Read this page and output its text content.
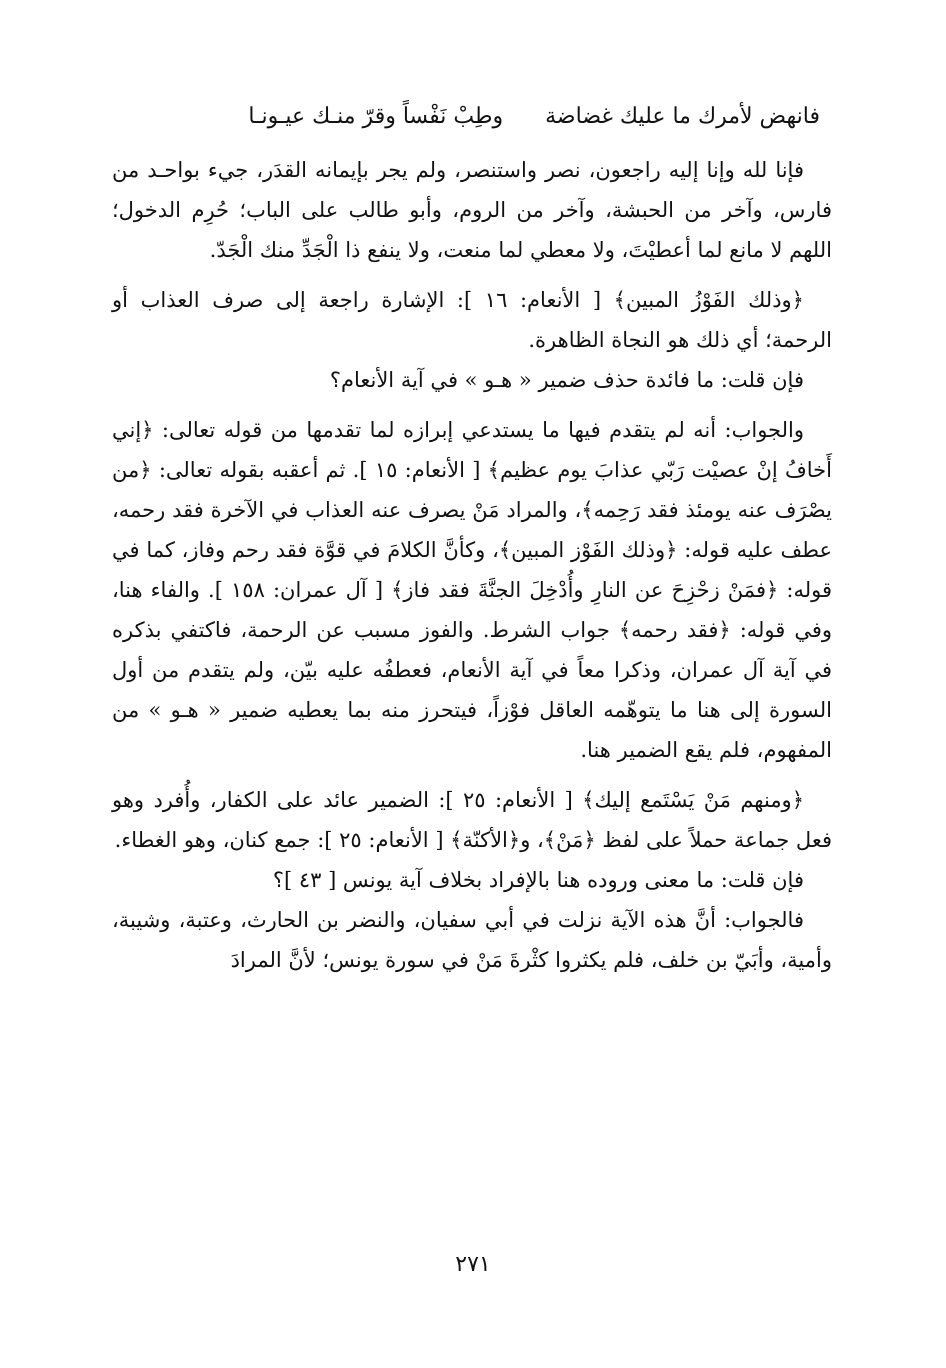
فانهض لأمرك ما عليك غضاضة
وطِبْ نَفْساً وقرّ منـك عيـونـا

فإنا لله وإنا إليه راجعون، نصر واستنصر، ولم يجر بإيمانه القدَر، جيء بواحـد من فارس، وآخر من الحبشة، وآخر من الروم، وأبو طالب على الباب؛ حُرِم الدخول؛ اللهم لا مانع لما أعطيْتَ، ولا معطي لما منعت، ولا ينفع ذا الْجَدِّ منك الْجَدّ.

﴿وذلك الفَوْزُ المبين﴾ [ الأنعام: ١٦ ]: الإشارة راجعة إلى صرف العذاب أو الرحمة؛ أي ذلك هو النجاة الظاهرة.

فإن قلت: ما فائدة حذف ضمير « هـو » في آية الأنعام؟

والجواب: أنه لم يتقدم فيها ما يستدعي إبرازه لما تقدمها من قوله تعالى: ﴿إني أَخافُ إنْ عصيْت رَبّي عذابَ يوم عظيم﴾ [ الأنعام: ١٥ ]. ثم أعقبه بقوله تعالى: ﴿من يصْرَف عنه يومئذ فقد رَحِمه﴾، والمراد مَنْ يصرف عنه العذاب في الآخرة فقد رحمه، عطف عليه قوله: ﴿وذلك الفَوْز المبين﴾، وكأنَّ الكلامَ في قوَّة فقد رحم وفاز، كما في قوله: ﴿فمَنْ زحْزِحَ عن النارِ وأُدْخِلَ الجنَّةَ فقد فاز﴾ [ آل عمران: ١٥٨ ]. والفاء هنا، وفي قوله: ﴿فقد رحمه﴾ جواب الشرط. والفوز مسبب عن الرحمة، فاكتفي بذكره في آية آل عمران، وذكرا معاً في آية الأنعام، فعطفُه عليه بيّن، ولم يتقدم من أول السورة إلى هنا ما يتوهّمه العاقل فوْزاً، فيتحرز منه بما يعطيه ضمير « هـو » من المفهوم، فلم يقع الضمير هنا.

﴿ومنهم مَنْ يَسْتَمع إليك﴾ [ الأنعام: ٢٥ ]: الضمير عائد على الكفار، وأُفرد وهو فعل جماعة حملاً على لفظ ﴿مَنْ﴾، و﴿الأكنّة﴾ [ الأنعام: ٢٥ ]: جمع كنان، وهو الغطاء.

فإن قلت: ما معنى وروده هنا بالإفراد بخلاف آية يونس [ ٤٣ ]؟

فالجواب: أنَّ هذه الآية نزلت في أبي سفيان، والنضر بن الحارث، وعتبة، وشيبة، وأمية، وأبَيّ بن خلف، فلم يكثروا كثْرةَ مَنْ في سورة يونس؛ لأنَّ المرادَ

٢٧١
